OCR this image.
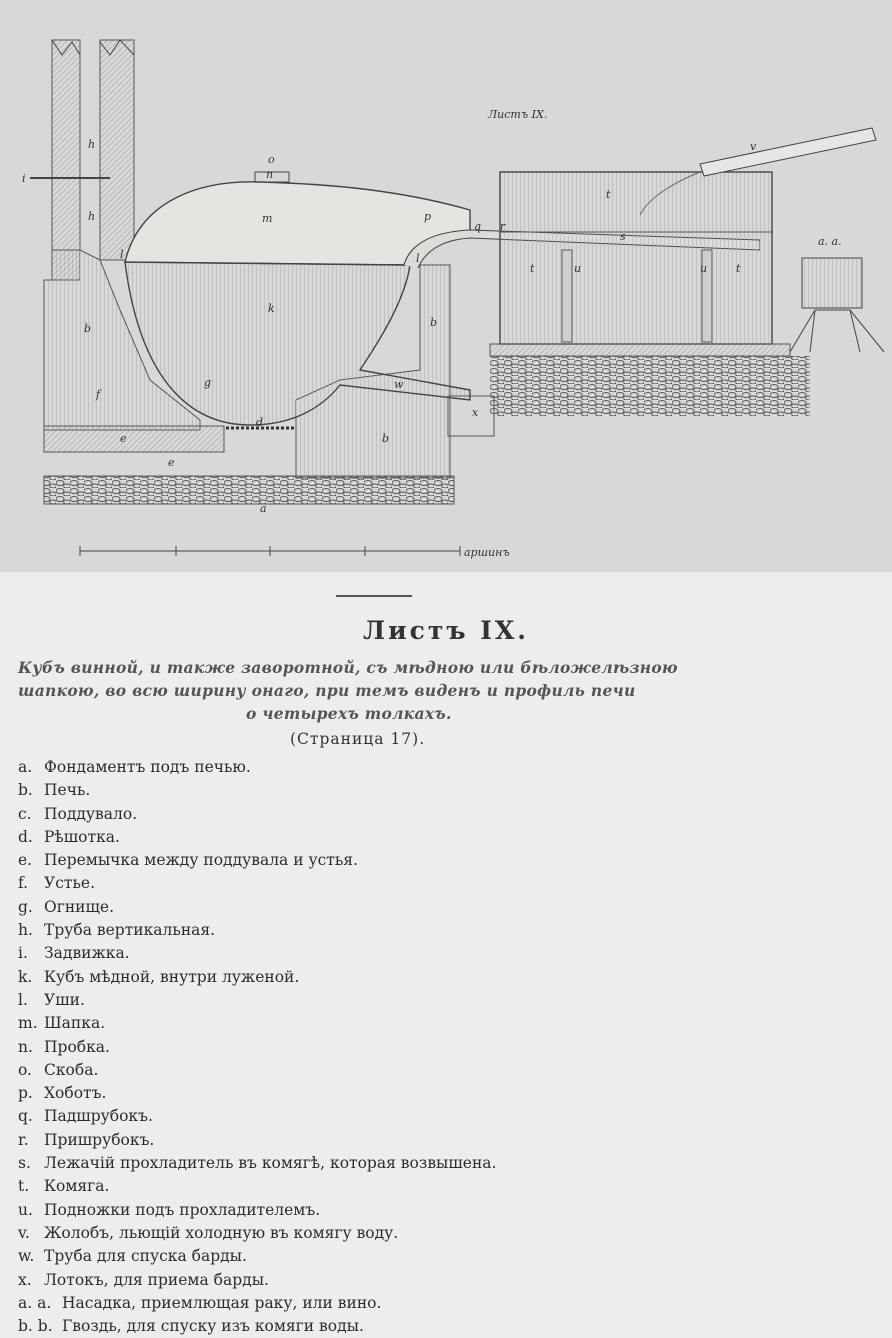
аршинъ
Листъ IX.
h
h
i
o
n
m	p
q r
v
t
s	a. a.
l	l
k
b	b
b
t	u	u	t
g	w
x
f
d
e
e
a
Листъ IX.
Кубъ винной, и также заворотной, съ мѣдною или бѣложелѣзною
шапкою, во всю ширину онаго, при темъ виденъ и профиль печи
о четырехъ толкахъ.
(Страница 17).
a. Фондаментъ подъ печью.
b. Печь.
c. Поддувало.
d. Рѣшотка.
e. Перемычка между поддувала и устья.
f. Устье.
g. Огнище.
h. Труба вертикальная.
i. Задвижка.
k. Кубъ мѣдной, внутри луженой.
l. Уши.
m. Шапка.
n. Пробка.
o. Скоба.
p. Хоботъ.
q. Падшрубокъ.
r. Пришрубокъ.
s. Лежачій прохладитель въ комягѣ, которая возвышена.
t. Комяга.
u. Подножки подъ прохладителемъ.
v. Жолобъ, льющій холодную въ комягу воду.
w. Труба для спуска барды.
x. Лотокъ, для приема барды.
a. a. Насадка, приемлющая раку, или вино.
b. b. Гвоздь, для спуску изъ комяги воды.
